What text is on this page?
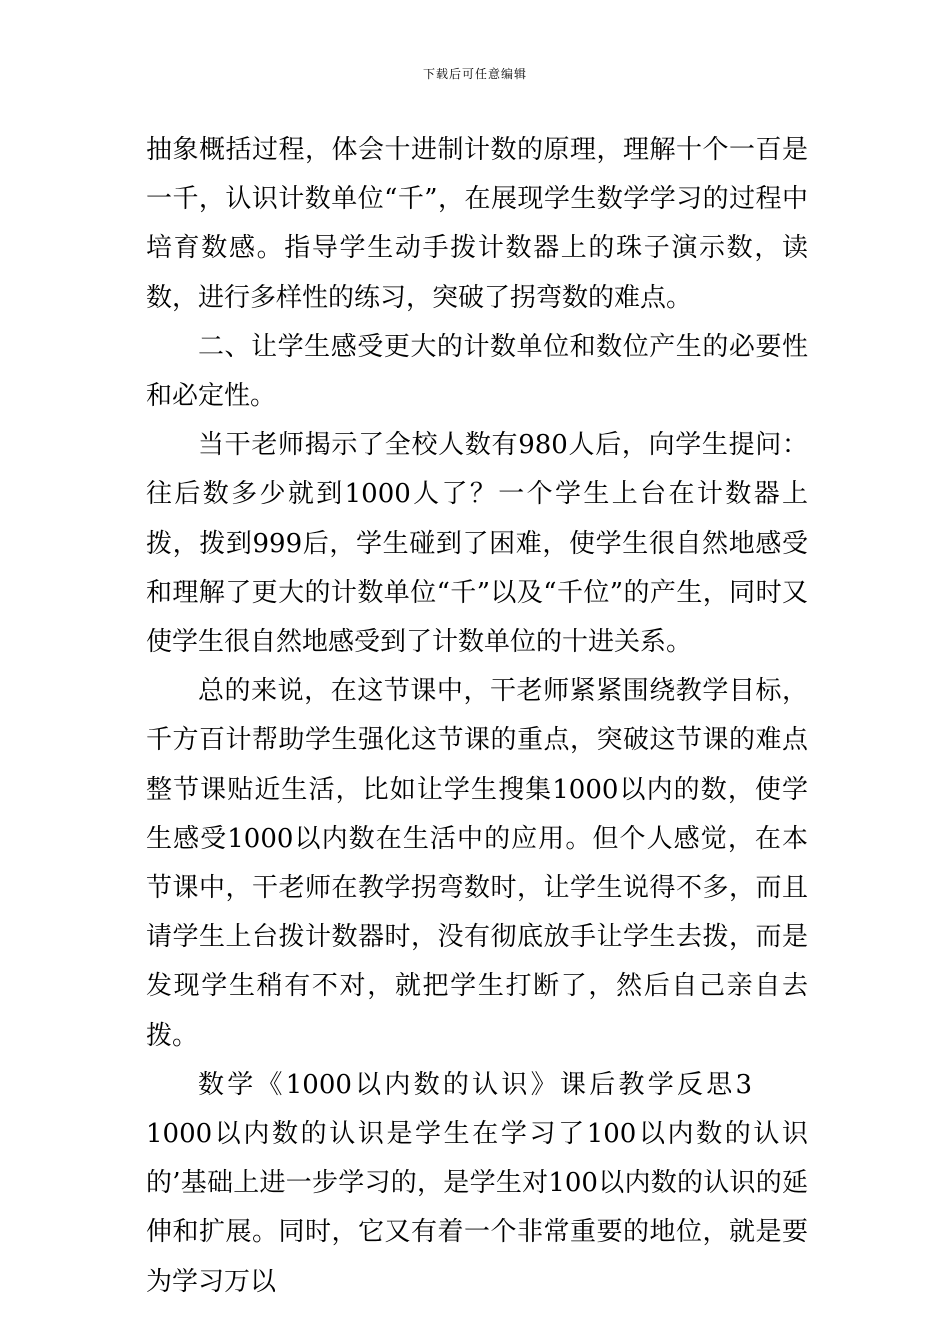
下载后可任意编辑

抽象概括过程，体会十进制计数的原理，理解十个一百是一千，认识计数单位“千”，在展现学生数学学习的过程中培育数感。指导学生动手拨计数器上的珠子演示数，读数，进行多样性的练习，突破了拐弯数的难点。

二、让学生感受更大的计数单位和数位产生的必要性和必定性。

当干老师揭示了全校人数有980人后，向学生提问：往后数多少就到1000人了？一个学生上台在计数器上拨，拨到999后，学生碰到了困难，使学生很自然地感受和理解了更大的计数单位“千”以及“千位”的产生，同时又使学生很自然地感受到了计数单位的十进关系。

总的来说，在这节课中，干老师紧紧围绕教学目标，千方百计帮助学生强化这节课的重点，突破这节课的难点整节课贴近生活，比如让学生搜集1000以内的数，使学生感受1000以内数在生活中的应用。但个人感觉，在本节课中，干老师在教学拐弯数时，让学生说得不多，而且请学生上台拨计数器时，没有彻底放手让学生去拨，而是发现学生稍有不对，就把学生打断了，然后自己亲自去拨。

数学《1000以内数的认识》课后教学反思31000以内数的认识是学生在学习了100以内数的认识的’基础上进一步学习的，是学生对100以内数的认识的延伸和扩展。同时，它又有着一个非常重要的地位，就是要为学习万以
